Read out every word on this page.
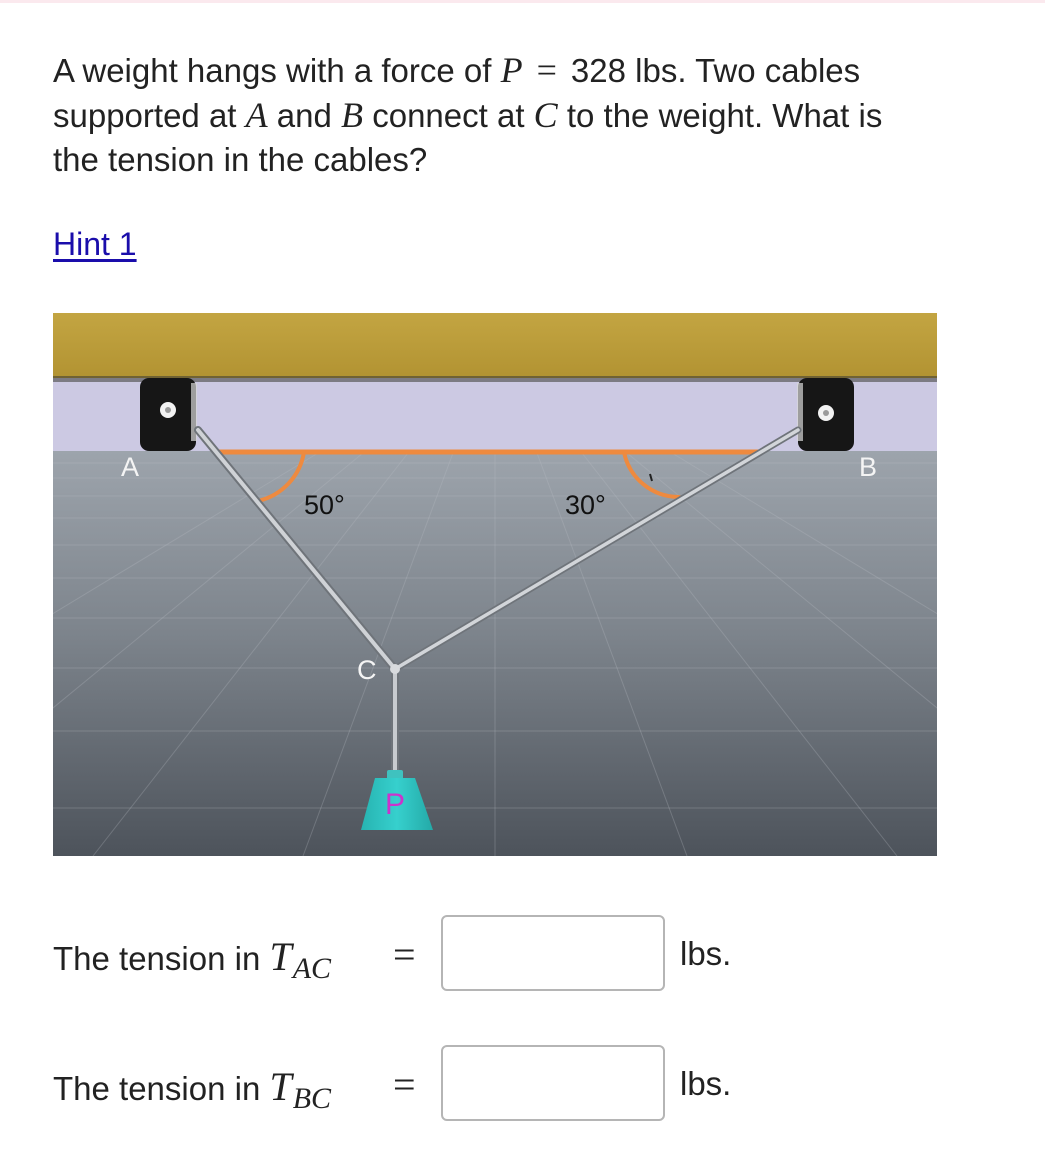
A weight hangs with a force of P = 328 lbs. Two cables
supported at A and B connect at C to the weight. What is
the tension in the cables?
Hint 1
A	B
C
50°	30°
P
The tension in TAC =	lbs.
The tension in TBC =	lbs.
